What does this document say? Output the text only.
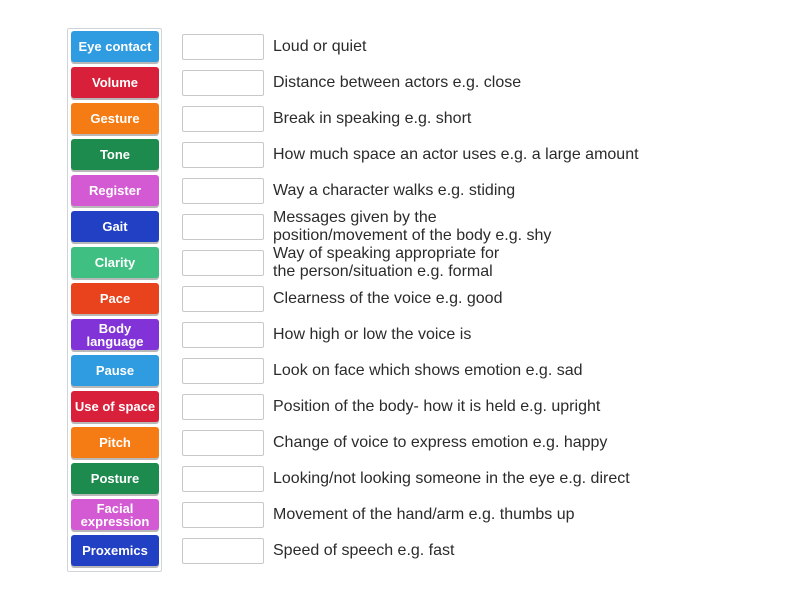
Eye contact
Volume
Gesture
Tone
Register
Gait
Clarity
Pace
Body language
Pause
Use of space
Pitch
Posture
Facial expression
Proxemics
Loud or quiet
Distance between actors e.g. close
Break in speaking e.g. short
How much space an actor uses e.g. a large amount
Way a character walks e.g. stiding
Messages given by the
position/movement of the body e.g. shy
Way of speaking appropriate for
the person/situation e.g. formal
Clearness of the voice e.g. good
How high or low the voice is
Look on face which shows emotion e.g. sad
Position of the body- how it is held e.g. upright
Change of voice to express emotion e.g. happy
Looking/not looking someone in the eye e.g. direct
Movement of the hand/arm e.g. thumbs up
Speed of speech e.g. fast
